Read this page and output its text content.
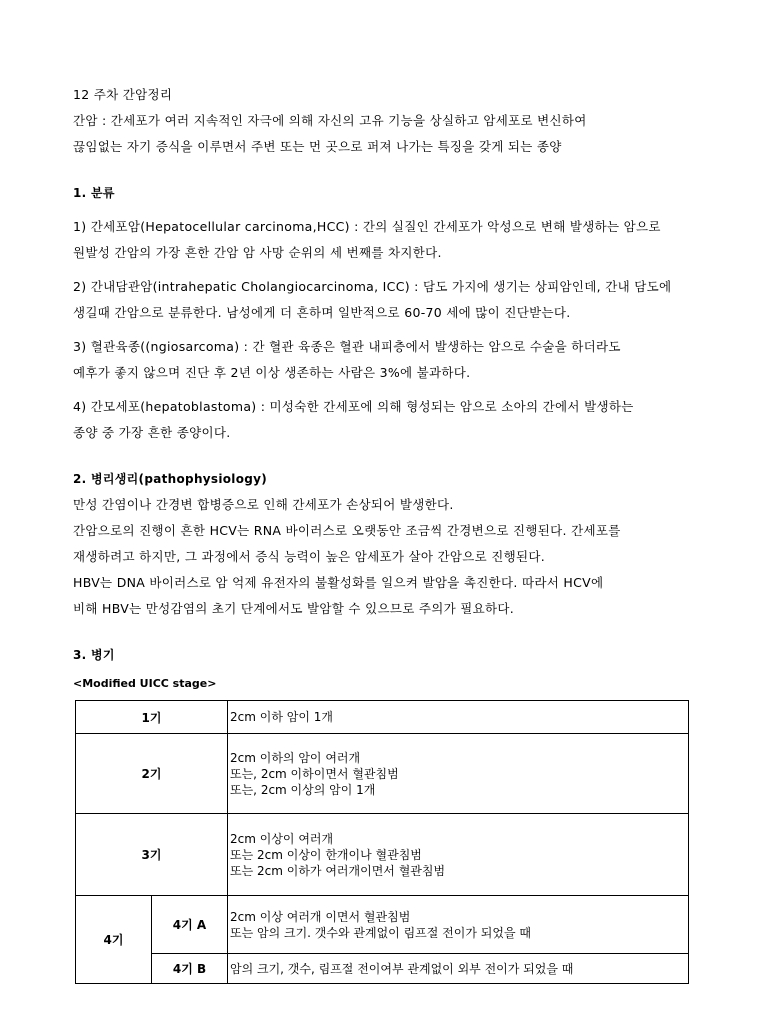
12 주차 간암정리
간암 : 간세포가 여러 지속적인 자극에 의해 자신의 고유 기능을 상실하고 암세포로 변신하여
끊임없는 자기 증식을 이루면서 주변 또는 먼 곳으로 퍼져 나가는 특징을 갖게 되는 종양
1. 분류
1) 간세포암(Hepatocellular carcinoma,HCC) : 간의 실질인 간세포가 악성으로 변해 발생하는 암으로
원발성 간암의 가장 흔한 간암 암 사망 순위의 세 번째를 차지한다.
2) 간내담관암(intrahepatic Cholangiocarcinoma, ICC) : 담도 가지에 생기는 상피암인데, 간내 담도에
생길때 간암으로 분류한다. 남성에게 더 흔하며 일반적으로 60-70 세에 많이 진단받는다.
3) 혈관육종((ngiosarcoma) : 간 혈관 육종은 혈관 내피층에서 발생하는 암으로 수술을 하더라도
예후가 좋지 않으며 진단 후 2년 이상 생존하는 사람은 3%에 불과하다.
4) 간모세포(hepatoblastoma) : 미성숙한 간세포에 의해 형성되는 암으로 소아의 간에서 발생하는
종양 중 가장 흔한 종양이다.
2. 병리생리(pathophysiology)
만성 간염이나 간경변 합병증으로 인해 간세포가 손상되어 발생한다.
간암으로의 진행이 흔한 HCV는 RNA 바이러스로 오랫동안 조금씩 간경변으로 진행된다. 간세포를
재생하려고 하지만, 그 과정에서 증식 능력이 높은 암세포가 살아 간암으로 진행된다.
HBV는 DNA 바이러스로 암 억제 유전자의 불활성화를 일으켜 발암을 촉진한다. 따라서 HCV에
비해 HBV는 만성감염의 초기 단계에서도 발암할 수 있으므로 주의가 필요하다.
3. 병기
<Modified UICC stage>
1기		2cm 이하 암이 1개

2기		2cm 이하의 암이 여러개
또는, 2cm 이하이면서 혈관침범
또는, 2cm 이상의 암이 1개

3기		2cm 이상이 여러개
또는 2cm 이상이 한개이나 혈관침범
또는 2cm 이하가 여러개이면서 혈관침범

4기	4기 A	2cm 이상 여러개 이면서 혈관침범
또는 암의 크기. 갯수와 관계없이 림프절 전이가 되었을 때

	4기 B	암의 크기, 갯수, 림프절 전이여부 관계없이 외부 전이가 되었을 때
